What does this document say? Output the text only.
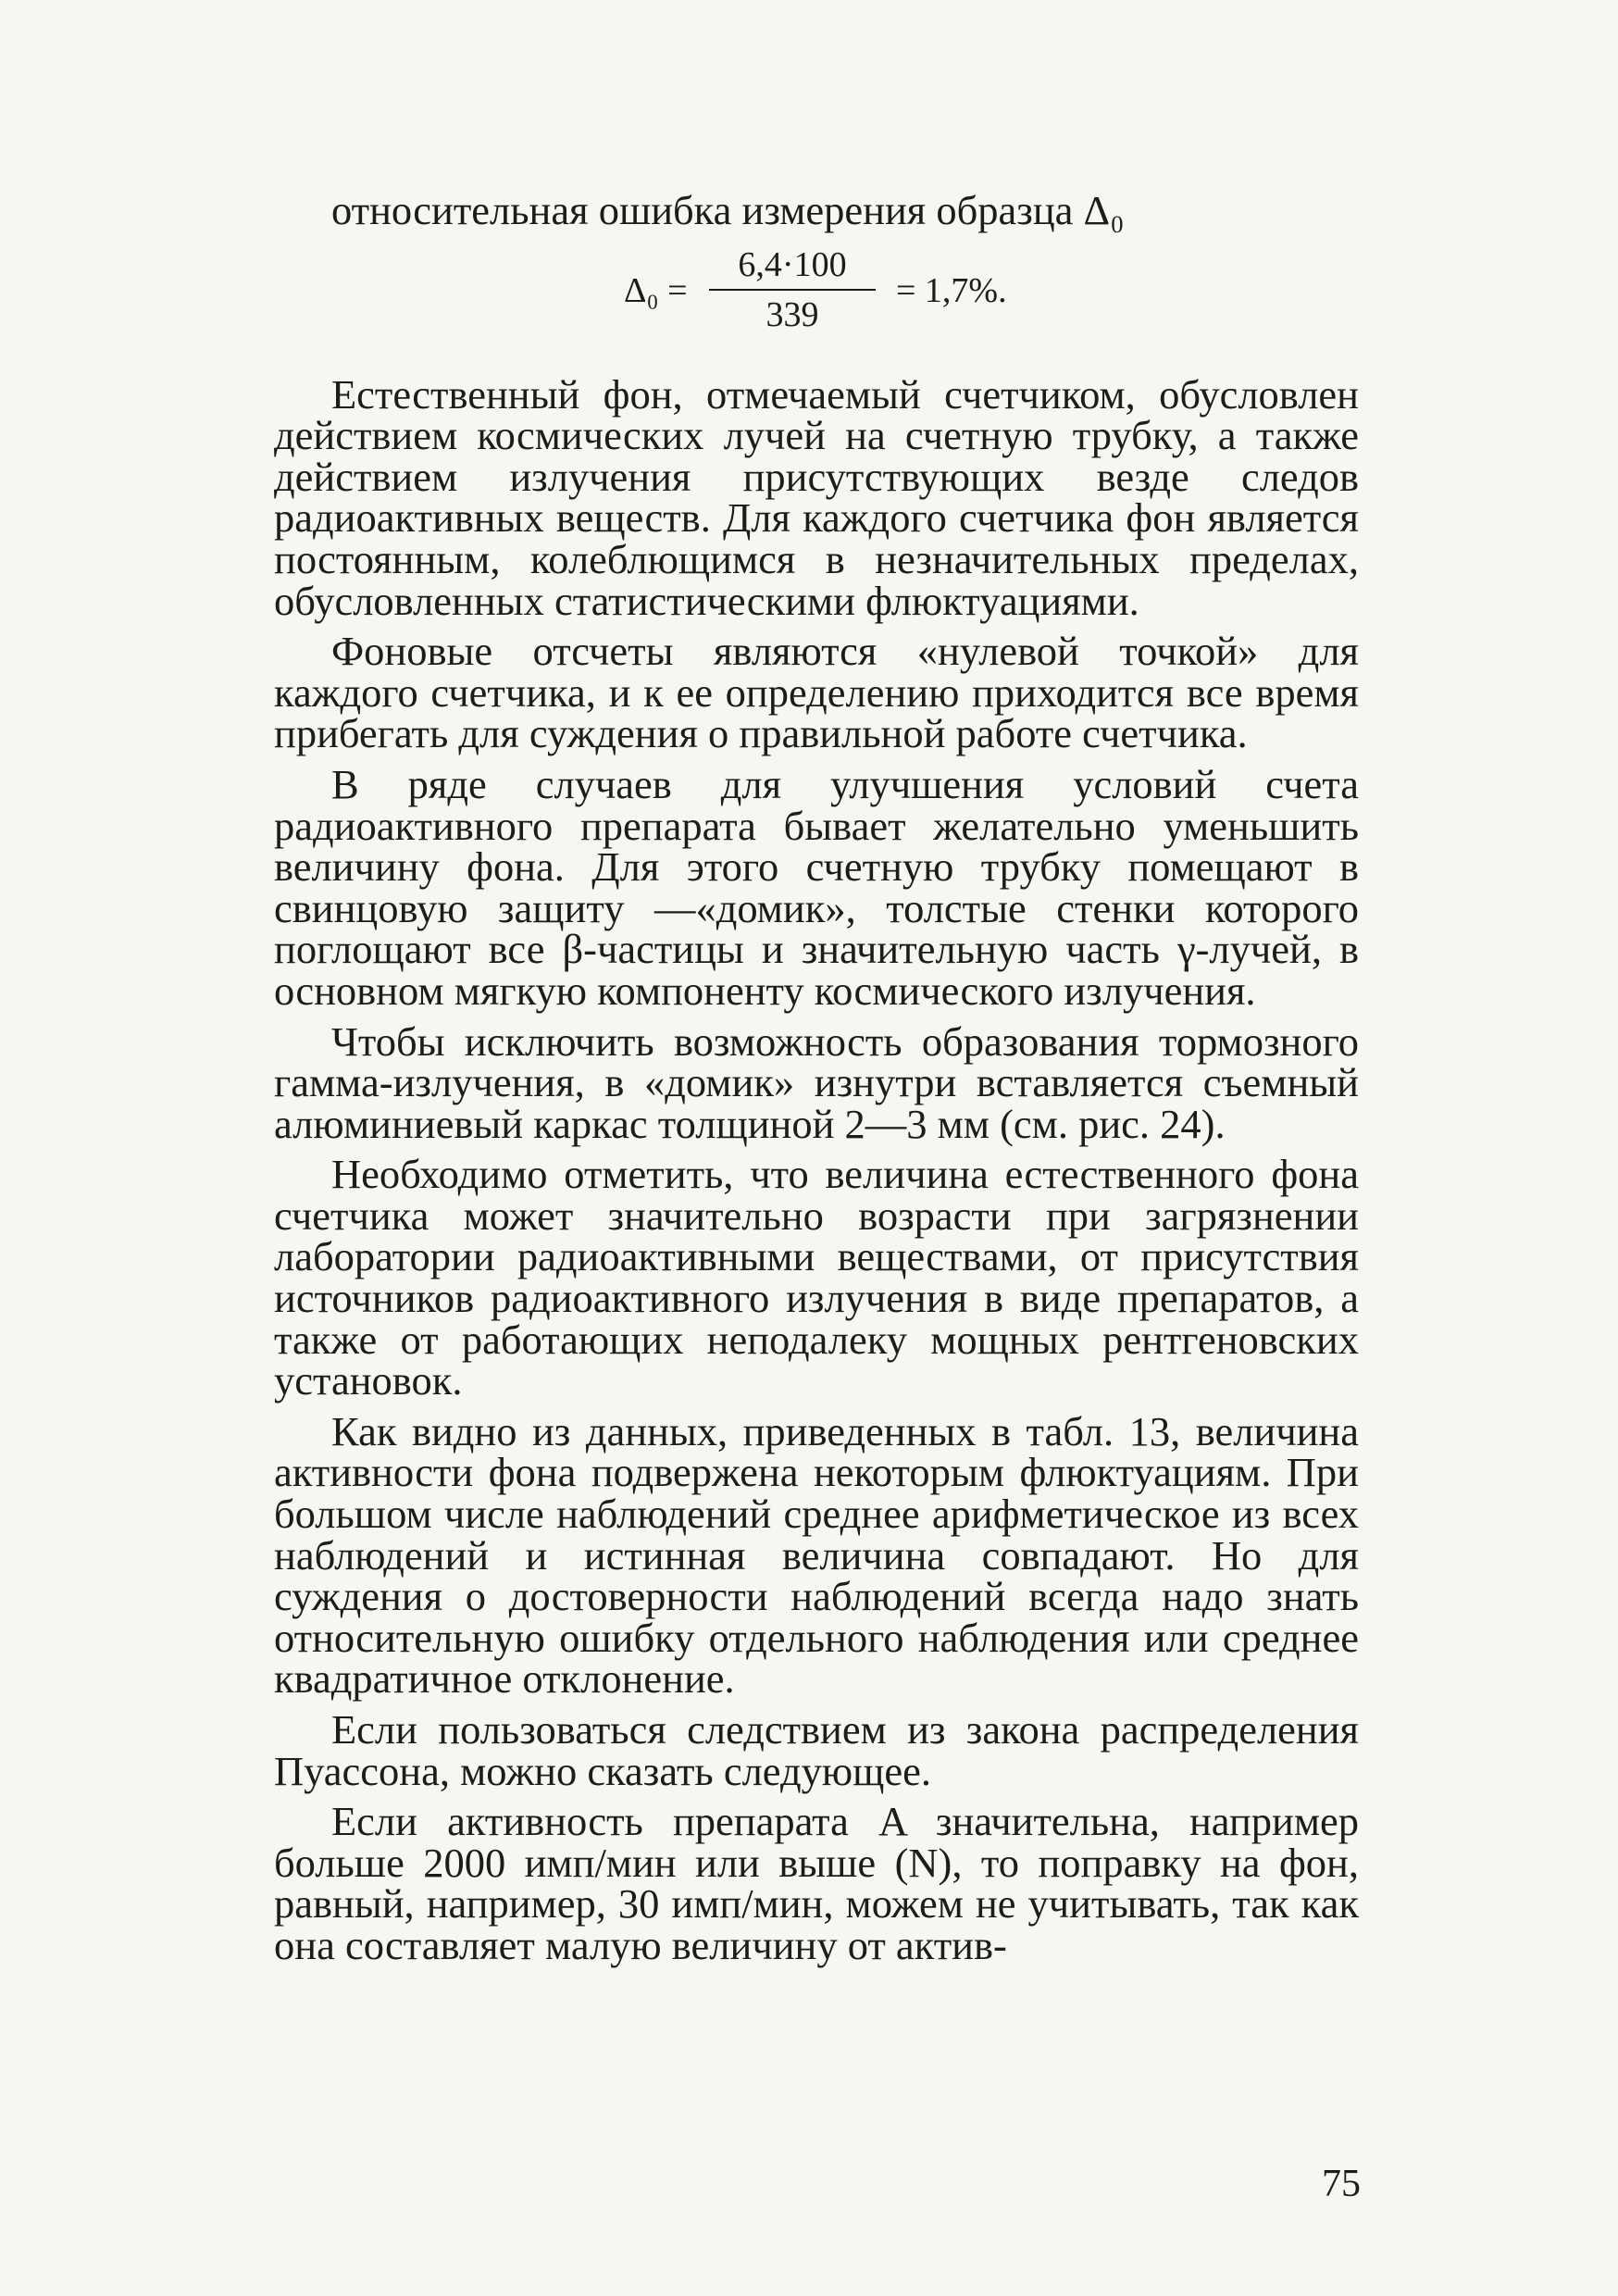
относительная ошибка измерения образца Δ₀

$\Delta_0 = \frac{6,4\cdot 100}{339} = 1,7\%$.

Естественный фон, отмечаемый счетчиком, обусловлен действием космических лучей на счетную трубку, а также действием излучения присутствующих везде следов радиоактивных веществ. Для каждого счетчика фон является постоянным, колеблющимся в незначительных пределах, обусловленных статистическими флюктуациями.

Фоновые отсчеты являются «нулевой точкой» для каждого счетчика, и к ее определению приходится все время прибегать для суждения о правильной работе счетчика.

В ряде случаев для улучшения условий счета радиоактивного препарата бывает желательно уменьшить величину фона. Для этого счетную трубку помещают в свинцовую защиту —«домик», толстые стенки которого поглощают все β-частицы и значительную часть γ-лучей, в основном мягкую компоненту космического излучения.

Чтобы исключить возможность образования тормозного гамма-излучения, в «домик» изнутри вставляется съемный алюминиевый каркас толщиной 2—3 мм (см. рис. 24).

Необходимо отметить, что величина естественного фона счетчика может значительно возрасти при загрязнении лаборатории радиоактивными веществами, от присутствия источников радиоактивного излучения в виде препаратов, а также от работающих неподалеку мощных рентгеновских установок.

Как видно из данных, приведенных в табл. 13, величина активности фона подвержена некоторым флюктуациям. При большом числе наблюдений среднее арифметическое из всех наблюдений и истинная величина совпадают. Но для суждения о достоверности наблюдений всегда надо знать относительную ошибку отдельного наблюдения или среднее квадратичное отклонение.

Если пользоваться следствием из закона распределения Пуассона, можно сказать следующее.

Если активность препарата A значительна, например больше 2000 имп/мин или выше (N), то поправку на фон, равный, например, 30 имп/мин, можем не учитывать, так как она составляет малую величину от актив-

75
